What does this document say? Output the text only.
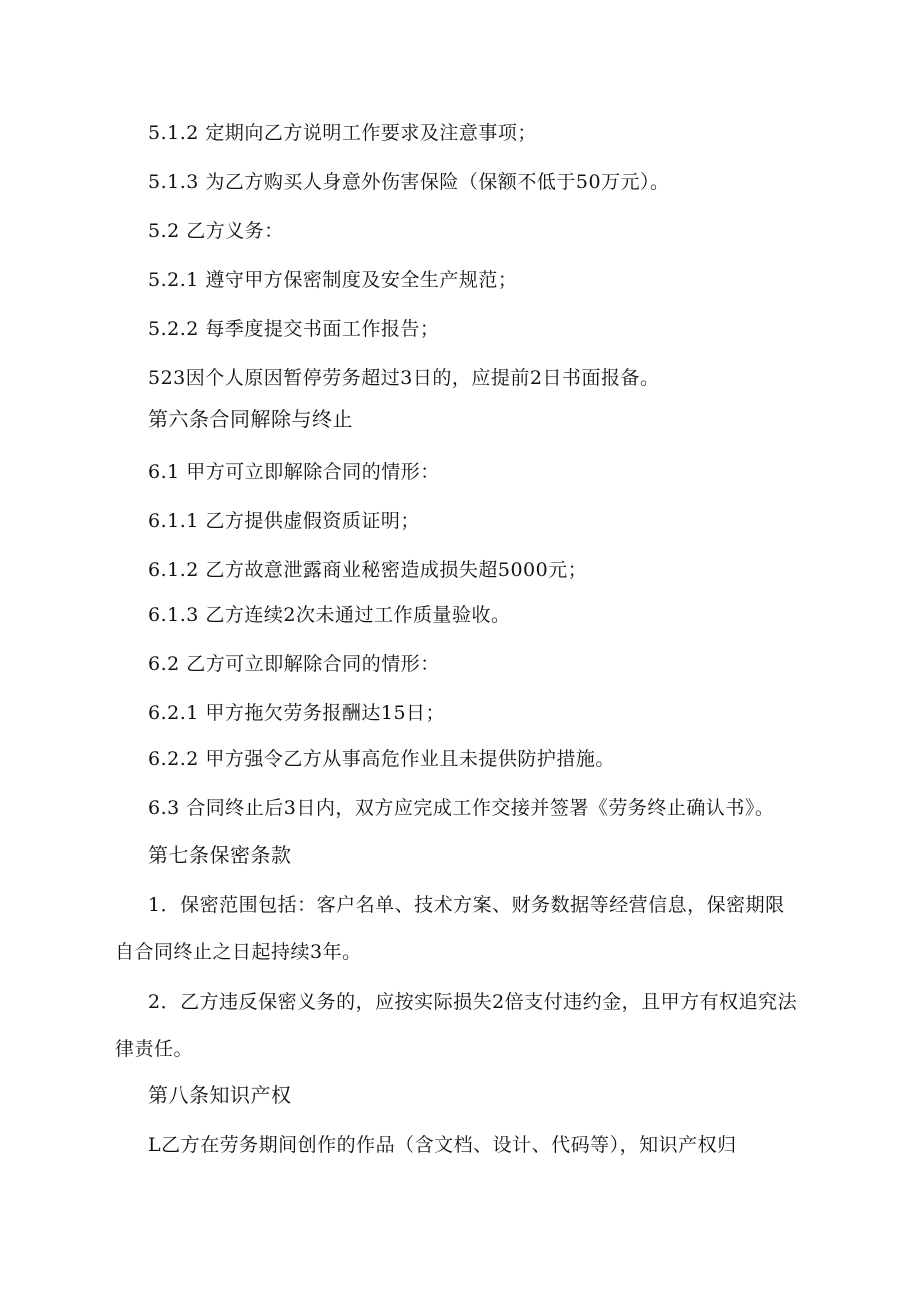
5.1.2 定期向乙方说明工作要求及注意事项；
5.1.3 为乙方购买人身意外伤害保险（保额不低于50万元）。
5.2 乙方义务：
5.2.1 遵守甲方保密制度及安全生产规范；
5.2.2 每季度提交书面工作报告；
523因个人原因暂停劳务超过3日的，应提前2日书面报备。
第六条合同解除与终止
6.1 甲方可立即解除合同的情形：
6.1.1 乙方提供虚假资质证明；
6.1.2 乙方故意泄露商业秘密造成损失超5000元；
6.1.3 乙方连续2次未通过工作质量验收。
6.2 乙方可立即解除合同的情形：
6.2.1 甲方拖欠劳务报酬达15日；
6.2.2 甲方强令乙方从事高危作业且未提供防护措施。
6.3 合同终止后3日内，双方应完成工作交接并签署《劳务终止确认书》。
第七条保密条款
1．保密范围包括：客户名单、技术方案、财务数据等经营信息，保密期限
自合同终止之日起持续3年。
2．乙方违反保密义务的，应按实际损失2倍支付违约金，且甲方有权追究法
律责任。
第八条知识产权
L乙方在劳务期间创作的作品（含文档、设计、代码等），知识产权归
